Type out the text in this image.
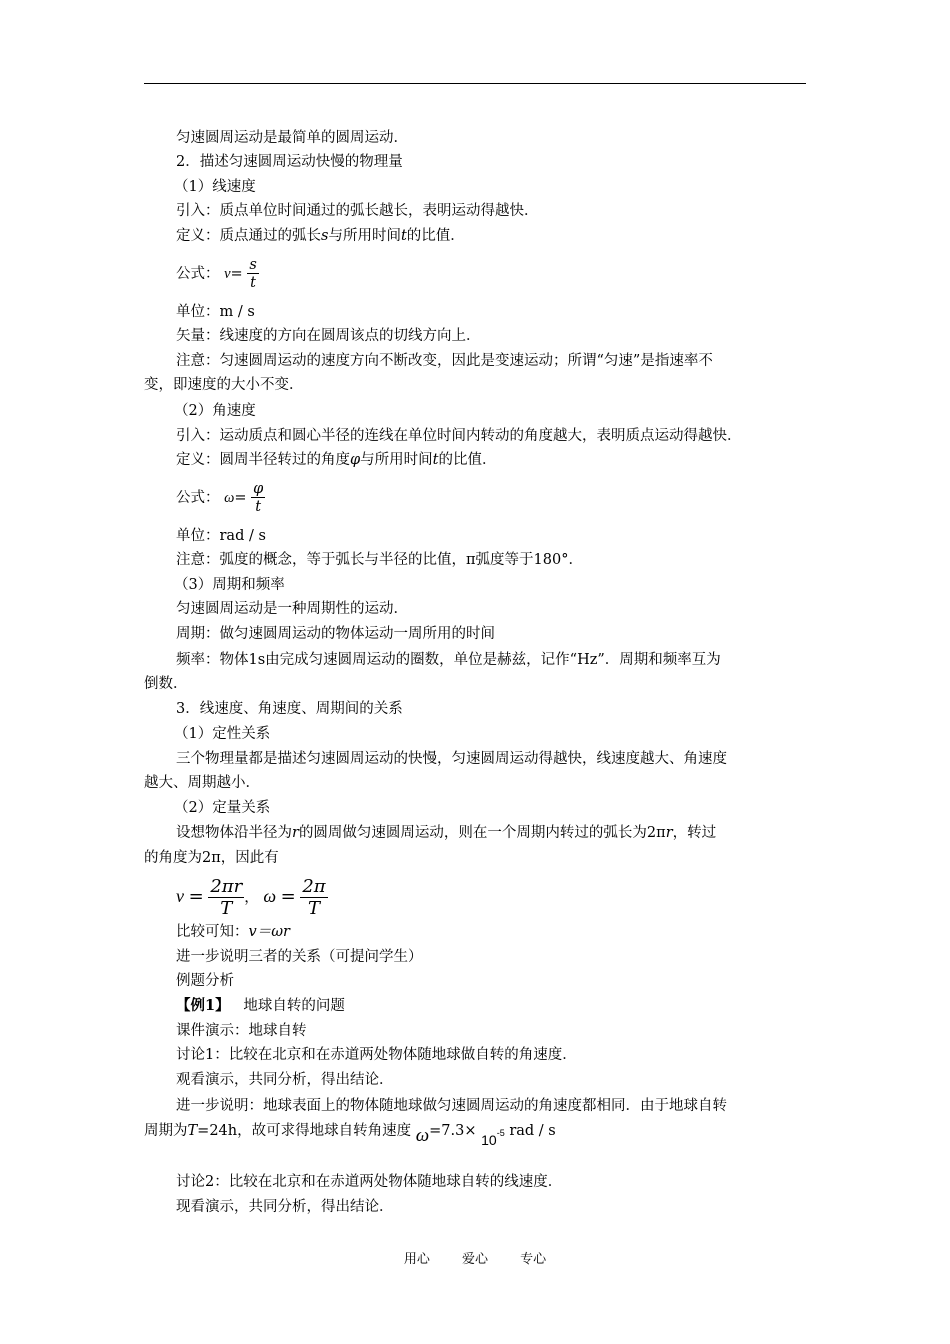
匀速圆周运动是最简单的圆周运动．
2．描述匀速圆周运动快慢的物理量
（1）线速度
引入：质点单位时间通过的弧长越长，表明运动得越快．
定义：质点通过的弧长s与所用时间t的比值．
公式： $v= \frac{s}{t}$
单位：m / s
矢量：线速度的方向在圆周该点的切线方向上．
注意：匀速圆周运动的速度方向不断改变，因此是变速运动；所谓“匀速”是指速率不
变，即速度的大小不变．
（2）角速度
引入：运动质点和圆心半径的连线在单位时间内转动的角度越大，表明质点运动得越快．
定义：圆周半径转过的角度φ与所用时间t的比值．
公式： $\omega= \frac{\varphi}{t}$
单位：rad / s
注意：弧度的概念，等于弧长与半径的比值，π弧度等于180°．
（3）周期和频率
匀速圆周运动是一种周期性的运动．
周期：做匀速圆周运动的物体运动一周所用的时间
频率：物体1s由完成匀速圆周运动的圈数，单位是赫兹，记作“Hz”．周期和频率互为
倒数．
3．线速度、角速度、周期间的关系
（1）定性关系
三个物理量都是描述匀速圆周运动的快慢，匀速圆周运动得越快，线速度越大、角速度
越大、周期越小．
（2）定量关系
设想物体沿半径为r的圆周做匀速圆周运动，则在一个周期内转过的弧长为2πr，转过
的角度为2π，因此有
$v = \frac{2\pi r}{T}$ ， $\omega = \frac{2\pi}{T}$
比较可知：v＝ωr
进一步说明三者的关系（可提问学生）
例题分析
【例1】 地球自转的问题
课件演示：地球自转
讨论1：比较在北京和在赤道两处物体随地球做自转的角速度．
观看演示，共同分析，得出结论．
进一步说明：地球表面上的物体随地球做匀速圆周运动的角速度都相同．由于地球自转
周期为T=24h，故可求得地球自转角速度 ω=7.3× 10-5 rad / s
讨论2：比较在北京和在赤道两处物体随地球自转的线速度．
现看演示，共同分析，得出结论．
用心 爱心 专心
